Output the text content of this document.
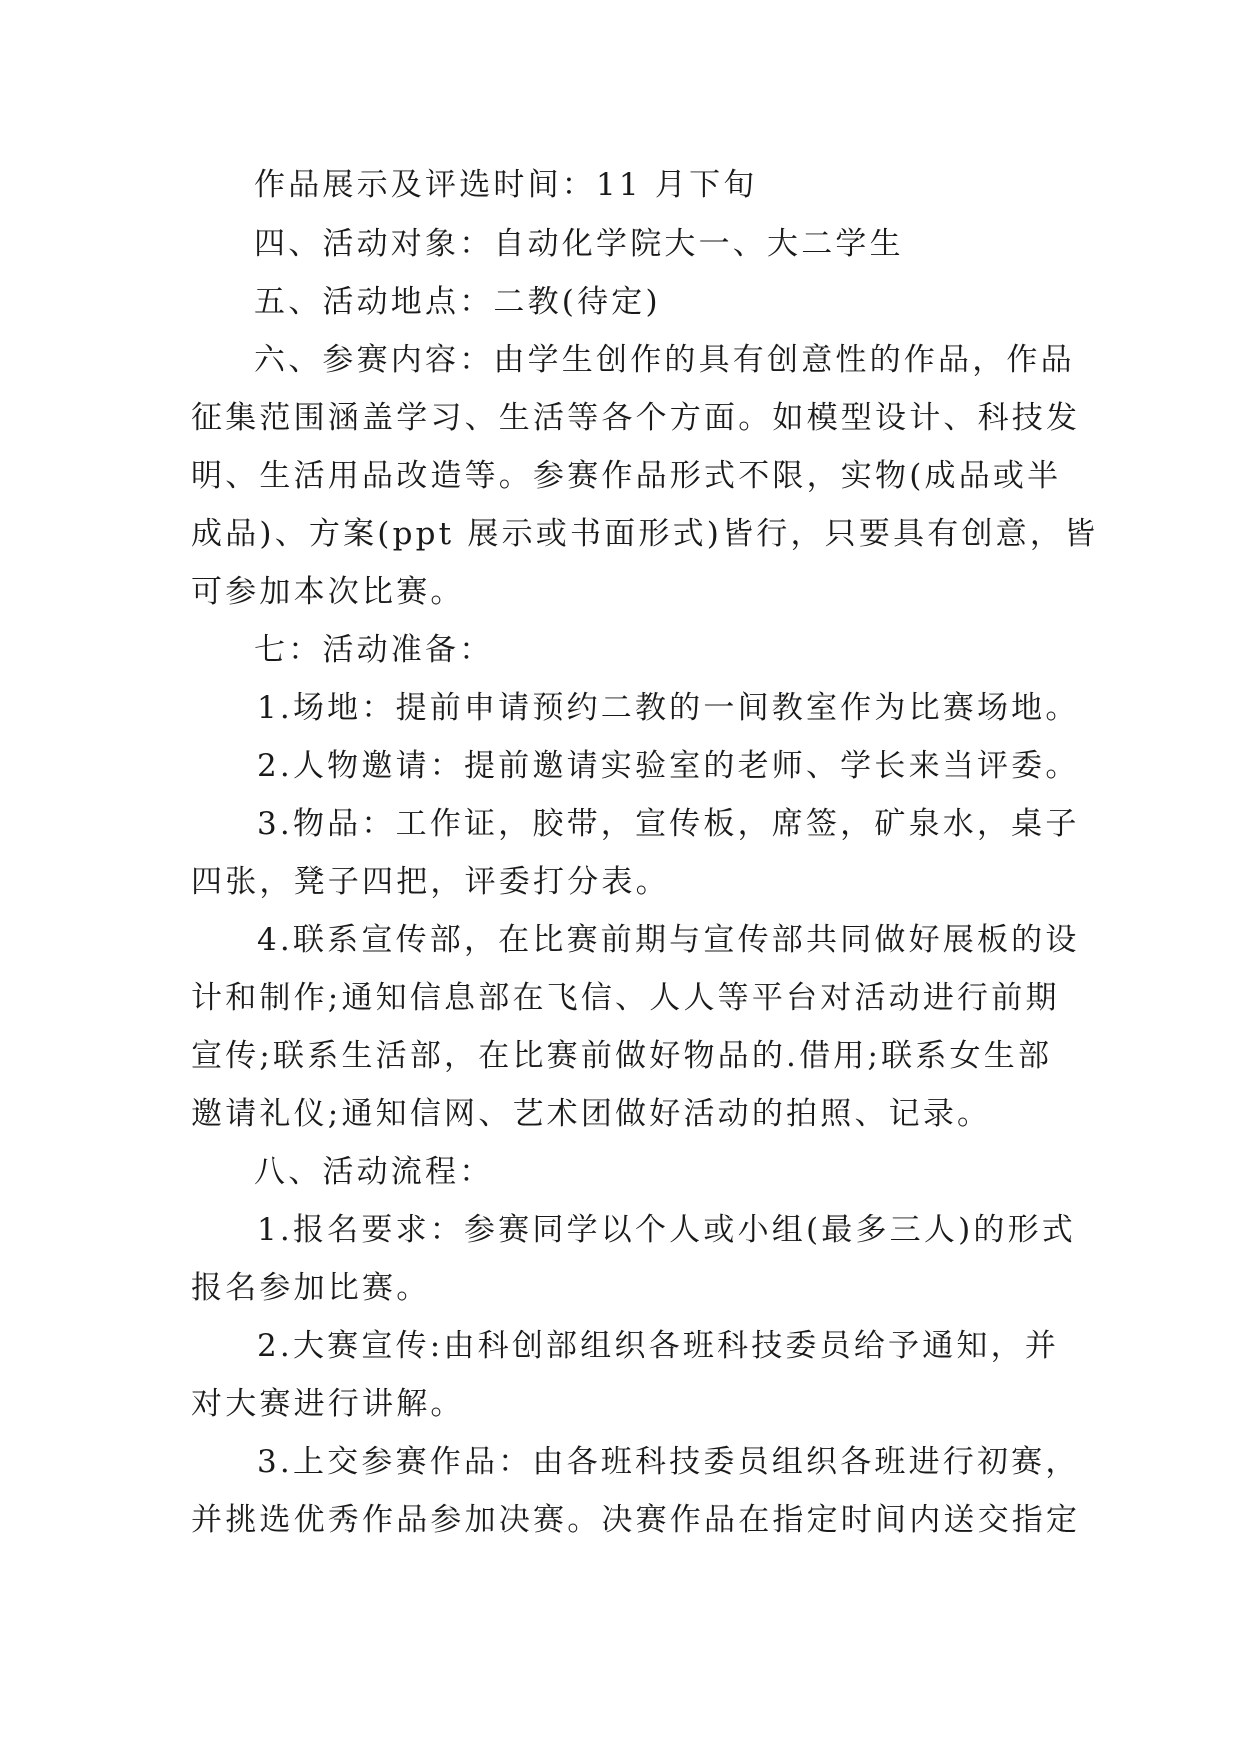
作品展示及评选时间：11 月下旬
四、活动对象：自动化学院大一、大二学生
五、活动地点：二教(待定)
六、参赛内容：由学生创作的具有创意性的作品，作品
征集范围涵盖学习、生活等各个方面。如模型设计、科技发
明、生活用品改造等。参赛作品形式不限，实物(成品或半
成品)、方案(ppt 展示或书面形式)皆行，只要具有创意，皆
可参加本次比赛。
七：活动准备：
1.场地：提前申请预约二教的一间教室作为比赛场地。
2.人物邀请：提前邀请实验室的老师、学长来当评委。
3.物品：工作证，胶带，宣传板，席签，矿泉水，桌子
四张，凳子四把，评委打分表。
4.联系宣传部，在比赛前期与宣传部共同做好展板的设
计和制作;通知信息部在飞信、人人等平台对活动进行前期
宣传;联系生活部，在比赛前做好物品的.借用;联系女生部
邀请礼仪;通知信网、艺术团做好活动的拍照、记录。
八、活动流程：
1.报名要求：参赛同学以个人或小组(最多三人)的形式
报名参加比赛。
2.大赛宣传:由科创部组织各班科技委员给予通知，并
对大赛进行讲解。
3.上交参赛作品：由各班科技委员组织各班进行初赛，
并挑选优秀作品参加决赛。决赛作品在指定时间内送交指定
